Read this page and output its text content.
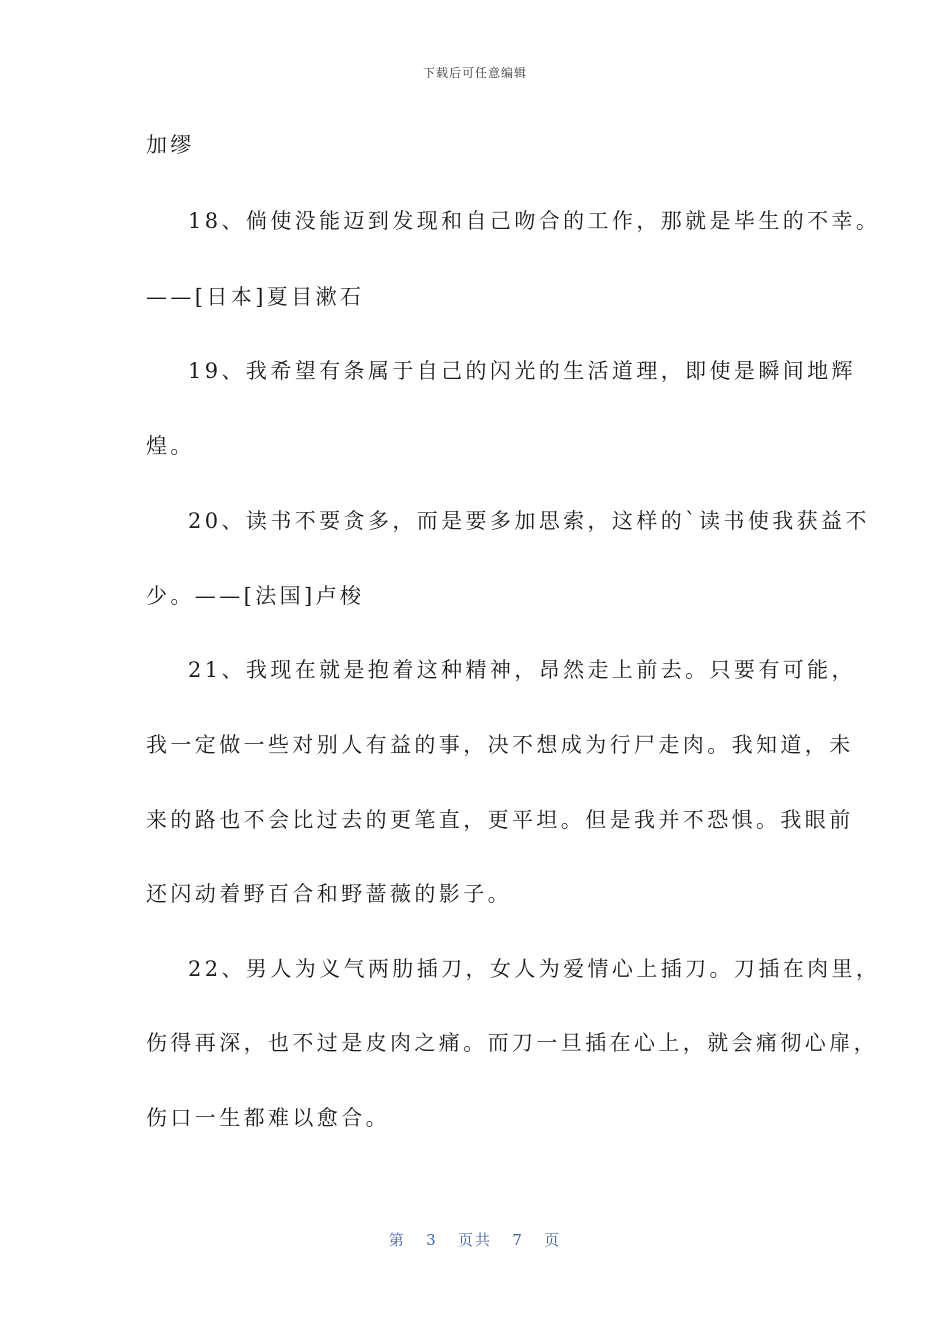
下载后可任意编辑
加缪
18、倘使没能迈到发现和自己吻合的工作，那就是毕生的不幸。
——[日本]夏目漱石
19、我希望有条属于自己的闪光的生活道理，即使是瞬间地辉
煌。
20、读书不要贪多，而是要多加思索，这样的`读书使我获益不
少。——[法国]卢梭
21、我现在就是抱着这种精神，昂然走上前去。只要有可能，
我一定做一些对别人有益的事，决不想成为行尸走肉。我知道，未
来的路也不会比过去的更笔直，更平坦。但是我并不恐惧。我眼前
还闪动着野百合和野蔷薇的影子。
22、男人为义气两肋插刀，女人为爱情心上插刀。刀插在肉里，
伤得再深，也不过是皮肉之痛。而刀一旦插在心上，就会痛彻心扉，
伤口一生都难以愈合。
第 3 页共 7 页
